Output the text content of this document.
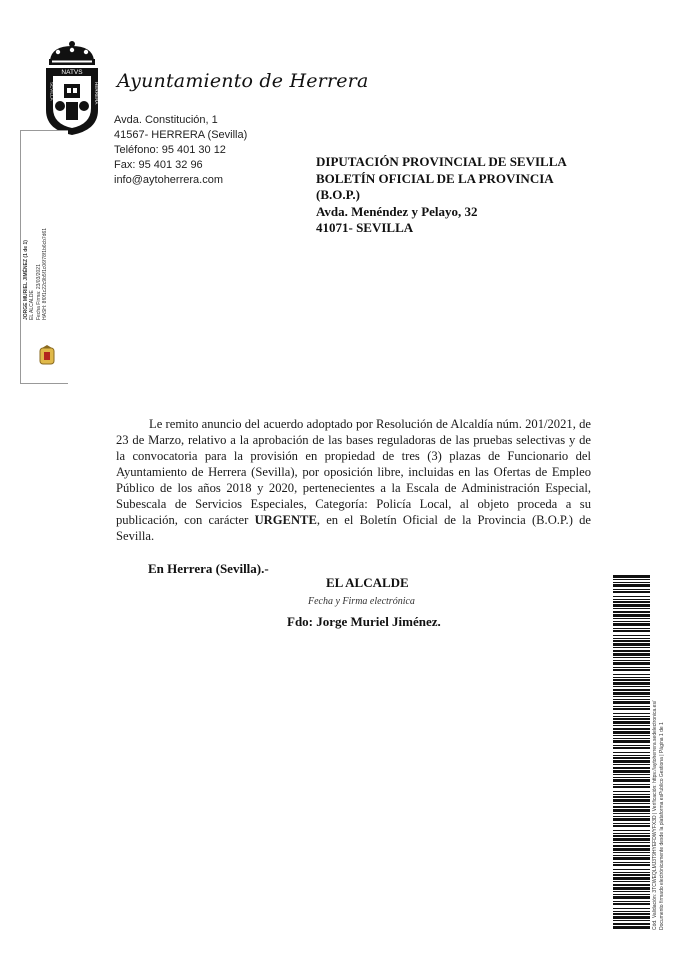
NATVS
SEVILLA	HERRERA
Ayuntamiento de Herrera
Avda. Constitución, 1
41567- HERRERA (Sevilla)
Teléfono: 95 401 30 12
Fax: 95 401 32 96
info@aytoherrera.com
DIPUTACIÓN PROVINCIAL DE SEVILLA
BOLETÍN OFICIAL DE LA PROVINCIA
(B.O.P.)
Avda. Menéndez y Pelayo, 32
41071- SEVILLA
JORGE MURIEL JIMÉNEZ (1 de 1) EL ALCALDE Fecha Firma: 23/03/2021 HASH: 8f0f1c22c9b5f1c06f78f1b6cb7d61

Le remito anuncio del acuerdo adoptado por Resolución de Alcaldía núm. 201/2021, de 23 de Marzo, relativo a la aprobación de las bases reguladoras de las pruebas selectivas y de la convocatoria para la provisión en propiedad de tres (3) plazas de Funcionario del Ayuntamiento de Herrera (Sevilla), por oposición libre, incluidas en las Ofertas de Empleo Público de los años 2018 y 2020, pertenecientes a la Escala de Administración Especial, Subescala de Servicios Especiales, Categoría: Policía Local, al objeto proceda a su publicación, con carácter URGENTE, en el Boletín Oficial de la Provincia (B.O.P.) de Sevilla.

En Herrera (Sevilla).-
EL ALCALDE
Fecha y Firma electrónica
Fdo: Jorge Muriel Jiménez.
Cód. Validación: 3TCWEQLMJ3T9HYEFDWYFX3D | Verificación: https://aytoherrera.sedelectronica.es/ Documento firmado electrónicamente desde la plataforma esPublico Gestiona | Página 1 de 1
